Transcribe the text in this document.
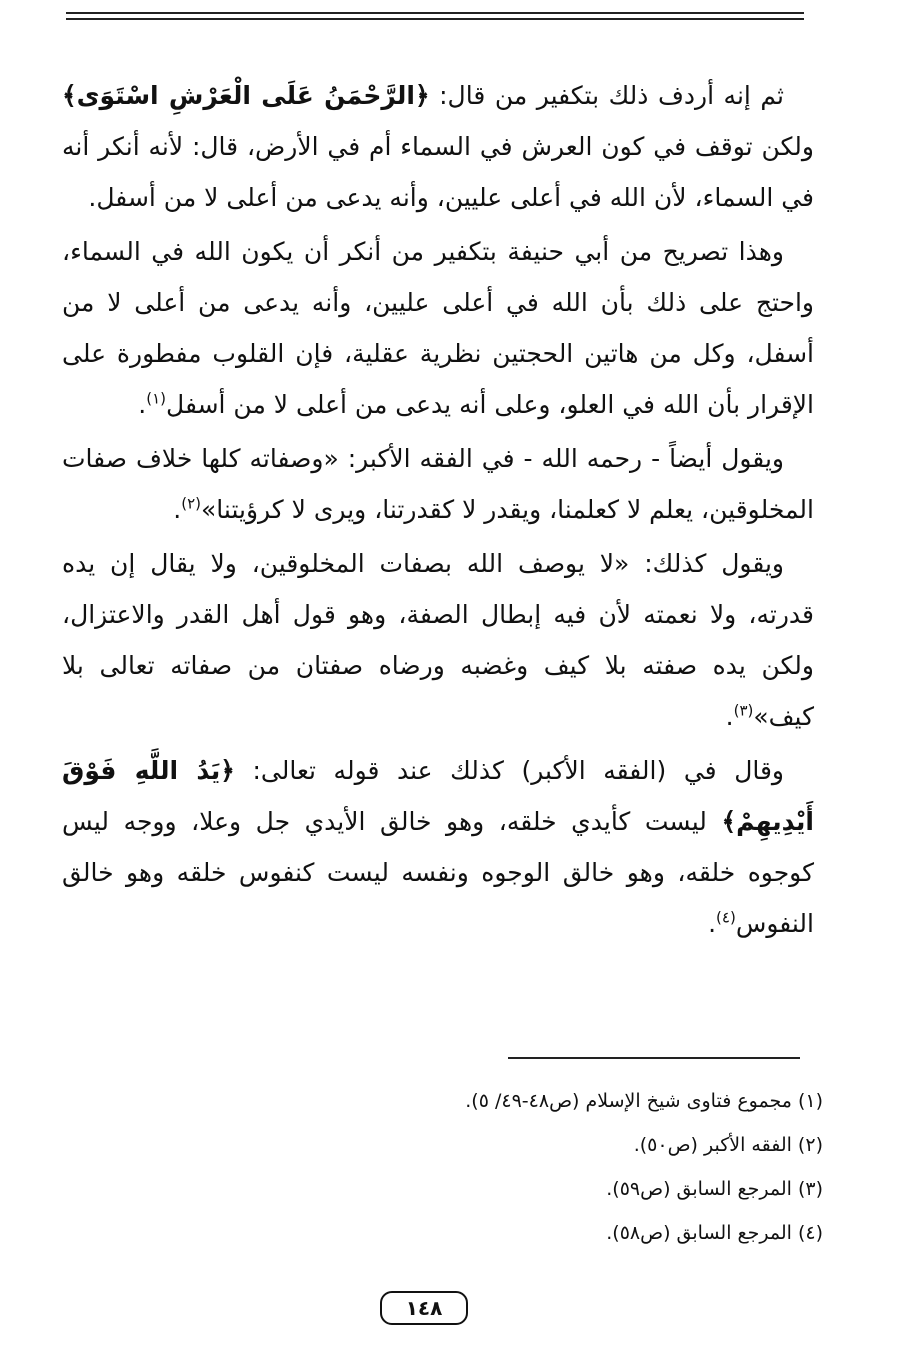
ثم إنه أردف ذلك بتكفير من قال: ﴿الرَّحْمَنُ عَلَى الْعَرْشِ اسْتَوَى﴾ ولكن توقف في كون العرش في السماء أم في الأرض، قال: لأنه أنكر أنه في السماء، لأن الله في أعلى عليين، وأنه يدعى من أعلى لا من أسفل.

وهذا تصريح من أبي حنيفة بتكفير من أنكر أن يكون الله في السماء، واحتج على ذلك بأن الله في أعلى عليين، وأنه يدعى من أعلى لا من أسفل، وكل من هاتين الحجتين نظرية عقلية، فإن القلوب مفطورة على الإقرار بأن الله في العلو، وعلى أنه يدعى من أعلى لا من أسفل$^{(١)}$.

ويقول أيضاً - رحمه الله - في الفقه الأكبر: «وصفاته كلها خلاف صفات المخلوقين، يعلم لا كعلمنا، ويقدر لا كقدرتنا، ويرى لا كرؤيتنا»$^{(٢)}$.

ويقول كذلك: «لا يوصف الله بصفات المخلوقين، ولا يقال إن يده قدرته، ولا نعمته لأن فيه إبطال الصفة، وهو قول أهل القدر والاعتزال، ولكن يده صفته بلا كيف وغضبه ورضاه صفتان من صفاته تعالى بلا كيف»$^{(٣)}$.

وقال في (الفقه الأكبر) كذلك عند قوله تعالى: ﴿يَدُ اللَّهِ فَوْقَ أَيْدِيهِمْ﴾ ليست كأيدي خلقه، وهو خالق الأيدي جل وعلا، ووجه ليس كوجوه خلقه، وهو خالق الوجوه ونفسه ليست كنفوس خلقه وهو خالق النفوس$^{(٤)}$.

(١) مجموع فتاوى شيخ الإسلام (ص٤٨-٤٩/ ٥).

(٢) الفقه الأكبر (ص٥٠).

(٣) المرجع السابق (ص٥٩).

(٤) المرجع السابق (ص٥٨).

١٤٨
